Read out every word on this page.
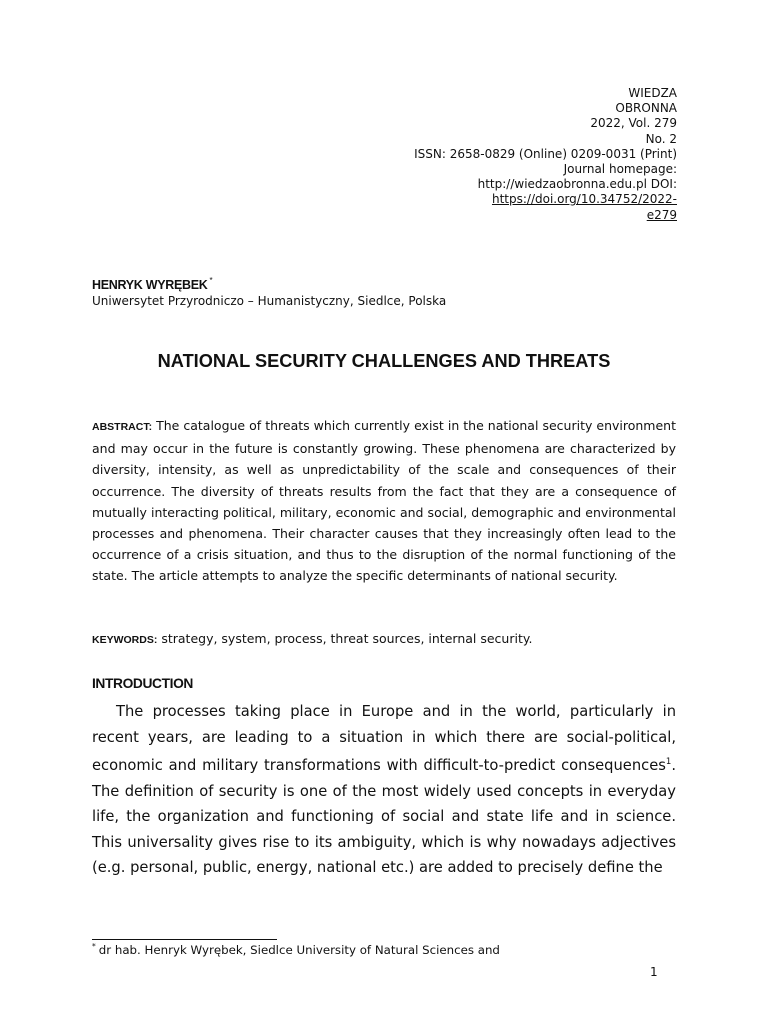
WIEDZA
OBRONNA
2022, Vol. 279
No. 2
ISSN: 2658-0829 (Online) 0209-0031 (Print)
Journal homepage:
http://wiedzaobronna.edu.pl DOI:
https://doi.org/10.34752/2022-
e279
HENRYK WYRĘBEK *
Uniwersytet Przyrodniczo – Humanistyczny, Siedlce, Polska
NATIONAL SECURITY CHALLENGES AND THREATS
ABSTRACT: The catalogue of threats which currently exist in the national security environment and may occur in the future is constantly growing. These phenomena are characterized by diversity, intensity, as well as unpredictability of the scale and consequences of their occurrence. The diversity of threats results from the fact that they are a consequence of mutually interacting political, military, economic and social, demographic and environmental processes and phenomena. Their character causes that they increasingly often lead to the occurrence of a crisis situation, and thus to the disruption of the normal functioning of the state. The article attempts to analyze the specific determinants of national security.
KEYWORDS: strategy, system, process, threat sources, internal security.
INTRODUCTION
The processes taking place in Europe and in the world, particularly in recent years, are leading to a situation in which there are social-political, economic and military transformations with difficult-to-predict consequences$^1$. The definition of security is one of the most widely used concepts in everyday life, the organization and functioning of social and state life and in science. This universality gives rise to its ambiguity, which is why nowadays adjectives (e.g. personal, public, energy, national etc.) are added to precisely define the
* dr hab. Henryk Wyrębek, Siedlce University of Natural Sciences and
1
